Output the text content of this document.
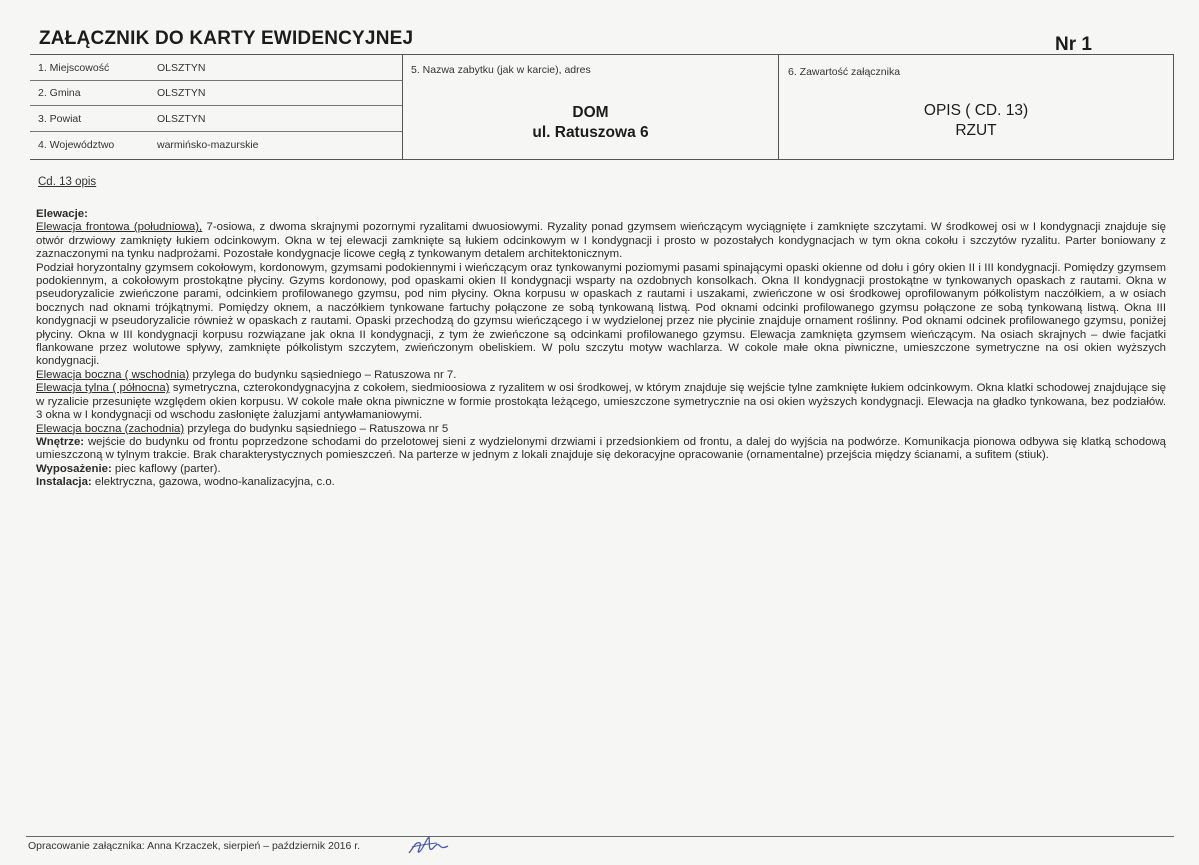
ZAŁĄCZNIK DO KARTY EWIDENCYJNEJ	Nr 1
1. Miejscowość	OLSZTYN
2. Gmina	OLSZTYN
3. Powiat	OLSZTYN
4. Województwo	warmińsko-mazurskie
5. Nazwa zabytku (jak w karcie), adres
DOM
ul. Ratuszowa 6
6. Zawartość załącznika
OPIS ( CD. 13)
RZUT
Cd. 13 opis

Elewacje:

Elewacja frontowa (południowa), 7-osiowa, z dwoma skrajnymi pozornymi ryzalitami dwuosiowymi. Ryzality ponad gzymsem wieńczącym wyciągnięte i zamknięte szczytami. W środkowej osi w I kondygnacji znajduje się otwór drzwiowy zamknięty łukiem odcinkowym. Okna w tej elewacji zamknięte są łukiem odcinkowym w I kondygnacji i prosto w pozostałych kondygnacjach w tym okna cokołu i szczytów ryzalitu. Parter boniowany z zaznaczonymi na tynku nadprożami. Pozostałe kondygnacje licowe cegłą z tynkowanym detalem architektonicznym.

Podział horyzontalny gzymsem cokołowym, kordonowym, gzymsami podokiennymi i wieńczącym oraz tynkowanymi poziomymi pasami spinającymi opaski okienne od dołu i góry okien II i III kondygnacji. Pomiędzy gzymsem podokiennym, a cokołowym prostokątne płyciny. Gzyms kordonowy, pod opaskami okien II kondygnacji wsparty na ozdobnych konsolkach. Okna II kondygnacji prostokątne w tynkowanych opaskach z rautami. Okna w pseudoryzalicie zwieńczone parami, odcinkiem profilowanego gzymsu, pod nim płyciny. Okna korpusu w opaskach z rautami i uszakami, zwieńczone w osi środkowej oprofilowanym półkolistym naczółkiem, a w osiach bocznych nad oknami trójkątnymi. Pomiędzy oknem, a naczółkiem tynkowane fartuchy połączone ze sobą tynkowaną listwą. Pod oknami odcinki profilowanego gzymsu połączone ze sobą tynkowaną listwą. Okna III kondygnacji w pseudoryzalicie również w opaskach z rautami. Opaski przechodzą do gzymsu wieńczącego i w wydzielonej przez nie płycinie znajduje ornament roślinny. Pod oknami odcinek profilowanego gzymsu, poniżej płyciny. Okna w III kondygnacji korpusu rozwiązane jak okna II kondygnacji, z tym że zwieńczone są odcinkami profilowanego gzymsu. Elewacja zamknięta gzymsem wieńczącym. Na osiach skrajnych – dwie facjatki flankowane przez wolutowe spływy, zamknięte półkolistym szczytem, zwieńczonym obeliskiem. W polu szczytu motyw wachlarza. W cokole małe okna piwniczne, umieszczone symetryczne na osi okien wyższych kondygnacji.

Elewacja boczna ( wschodnia) przylega do budynku sąsiedniego – Ratuszowa nr 7.

Elewacja tylna ( północna) symetryczna, czterokondygnacyjna z cokołem, siedmioosiowa z ryzalitem w osi środkowej, w którym znajduje się wejście tylne zamknięte łukiem odcinkowym. Okna klatki schodowej znajdujące się w ryzalicie przesunięte względem okien korpusu. W cokole małe okna piwniczne w formie prostokąta leżącego, umieszczone symetrycznie na osi okien wyższych kondygnacji. Elewacja na gładko tynkowana, bez podziałów. 3 okna w I kondygnacji od wschodu zasłonięte żaluzjami antywłamaniowymi.

Elewacja boczna (zachodnia) przylega do budynku sąsiedniego – Ratuszowa nr 5

Wnętrze: wejście do budynku od frontu poprzedzone schodami do przelotowej sieni z wydzielonymi drzwiami i przedsionkiem od frontu, a dalej do wyjścia na podwórze. Komunikacja pionowa odbywa się klatką schodową umieszczoną w tylnym trakcie. Brak charakterystycznych pomieszczeń. Na parterze w jednym z lokali znajduje się dekoracyjne opracowanie (ornamentalne) przejścia między ścianami, a sufitem (stiuk).

Wyposażenie: piec kaflowy (parter).

Instalacja: elektryczna, gazowa, wodno-kanalizacyjna, c.o.

Opracowanie załącznika: Anna Krzaczek, sierpień – październik 2016 r.
